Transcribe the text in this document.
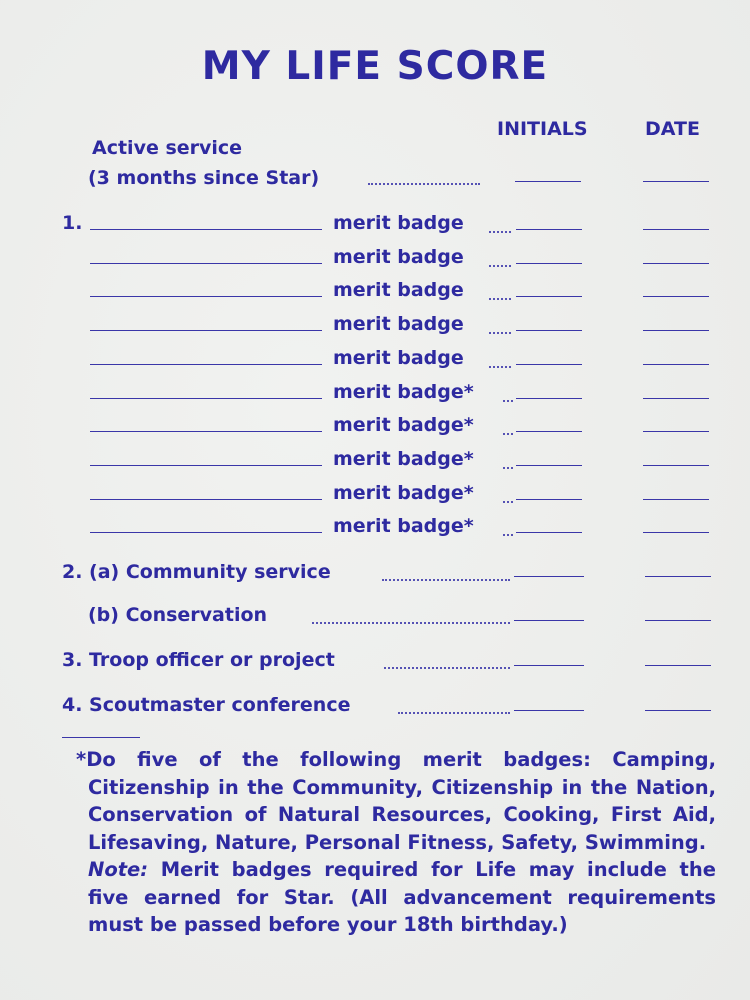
MY LIFE SCORE
INITIALS	DATE
Active service
(3 months since Star)
1.	merit badge
merit badge
merit badge
merit badge
merit badge
merit badge*
merit badge*
merit badge*
merit badge*
merit badge*
2. (a) Community service
(b) Conservation
3. Troop officer or project
4. Scoutmaster conference
*Do five of the following merit badges: Camping, Citizenship in the Community, Citizenship in the Nation, Conservation of Natural Resources, Cooking, First Aid, Lifesaving, Nature, Personal Fitness, Safety, Swimming.
Note: Merit badges required for Life may include the five earned for Star. (All advancement requirements must be passed before your 18th birthday.)
